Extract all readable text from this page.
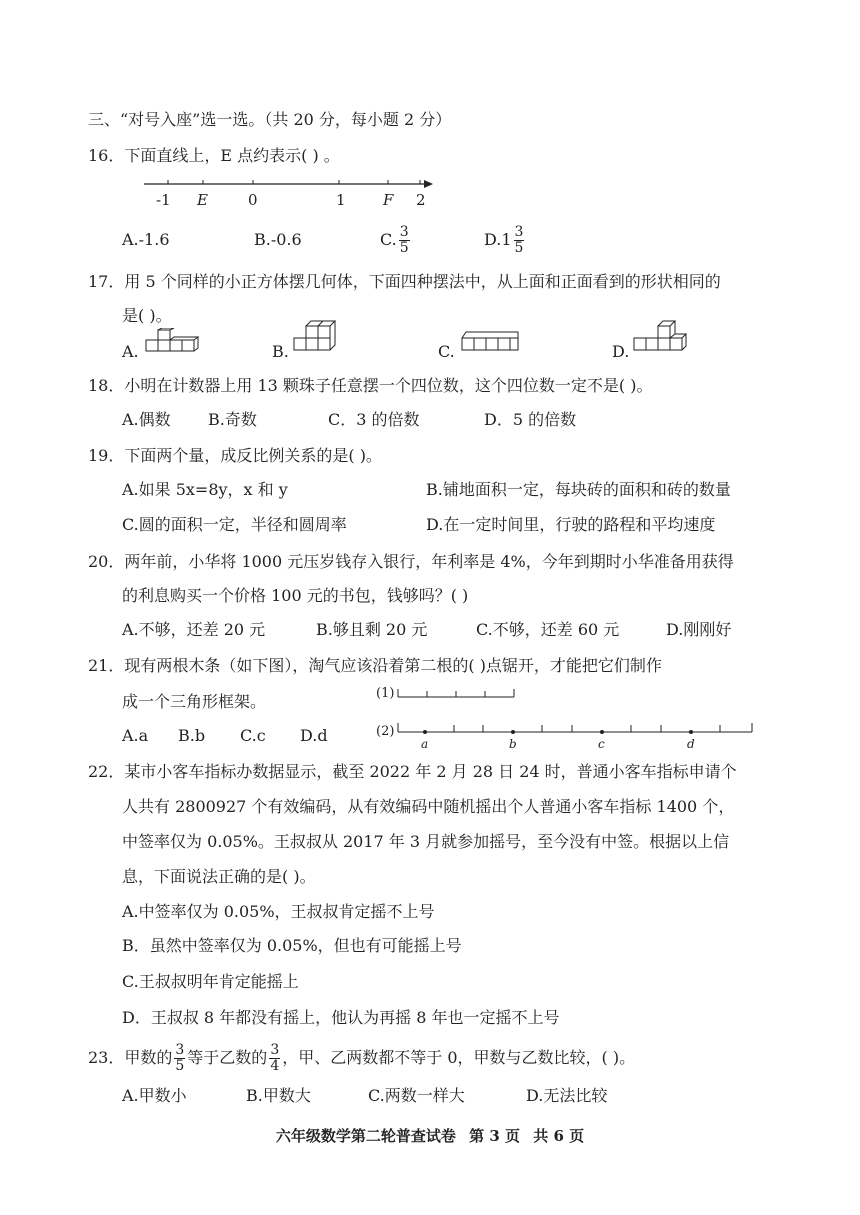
三、“对号入座”选一选。（共 20 分，每小题 2 分）
16．下面直线上，E 点约表示( ) 。
-1 E	0	1 F 2
A.-1.6	B.-0.6	C. $\frac{3}{5}$	$D.1 \frac{3}{5}$
17．用 5 个同样的小正方体摆几何体，下面四种摆法中，从上面和正面看到的形状相同的
是( )。
A.	B.	C.	D.
18．小明在计数器上用 13 颗珠子任意摆一个四位数，这个四位数一定不是( )。
A.偶数 B.奇数	C．3 的倍数	D．5 的倍数
19．下面两个量，成反比例关系的是( )。
A.如果 5x=8y，x 和 y	B.铺地面积一定，每块砖的面积和砖的数量
C.圆的面积一定，半径和圆周率	D.在一定时间里，行驶的路程和平均速度
20．两年前，小华将 1000 元压岁钱存入银行，年利率是 4%，今年到期时小华准备用获得
的利息购买一个价格 100 元的书包，钱够吗？( )
A.不够，还差 20 元	B.够且剩 20 元	C.不够，还差 60 元	D.刚刚好
21．现有两根木条（如下图），淘气应该沿着第二根的( )点锯开，才能把它们制作
成一个三角形框架。
A.a B.b C.c D.d
(1)
(2)
a	b	c	d
22．某市小客车指标办数据显示，截至 2022 年 2 月 28 日 24 时，普通小客车指标申请个
人共有 2800927 个有效编码，从有效编码中随机摇出个人普通小客车指标 1400 个，
中签率仅为 0.05%。王叔叔从 2017 年 3 月就参加摇号，至今没有中签。根据以上信
息，下面说法正确的是( )。
A.中签率仅为 0.05%，王叔叔肯定摇不上号
B．虽然中签率仅为 0.05%，但也有可能摇上号
C.王叔叔明年肯定能摇上
D．王叔叔 8 年都没有摇上，他认为再摇 8 年也一定摇不上号
23．甲数的 $\frac{3}{5}$ 等于乙数的 $\frac{3}{4}$ ，甲、乙两数都不等于 0，甲数与乙数比较，( )。
A.甲数小	B.甲数大	C.两数一样大	D.无法比较
六年级数学第二轮普查试卷 第 3 页 共 6 页
